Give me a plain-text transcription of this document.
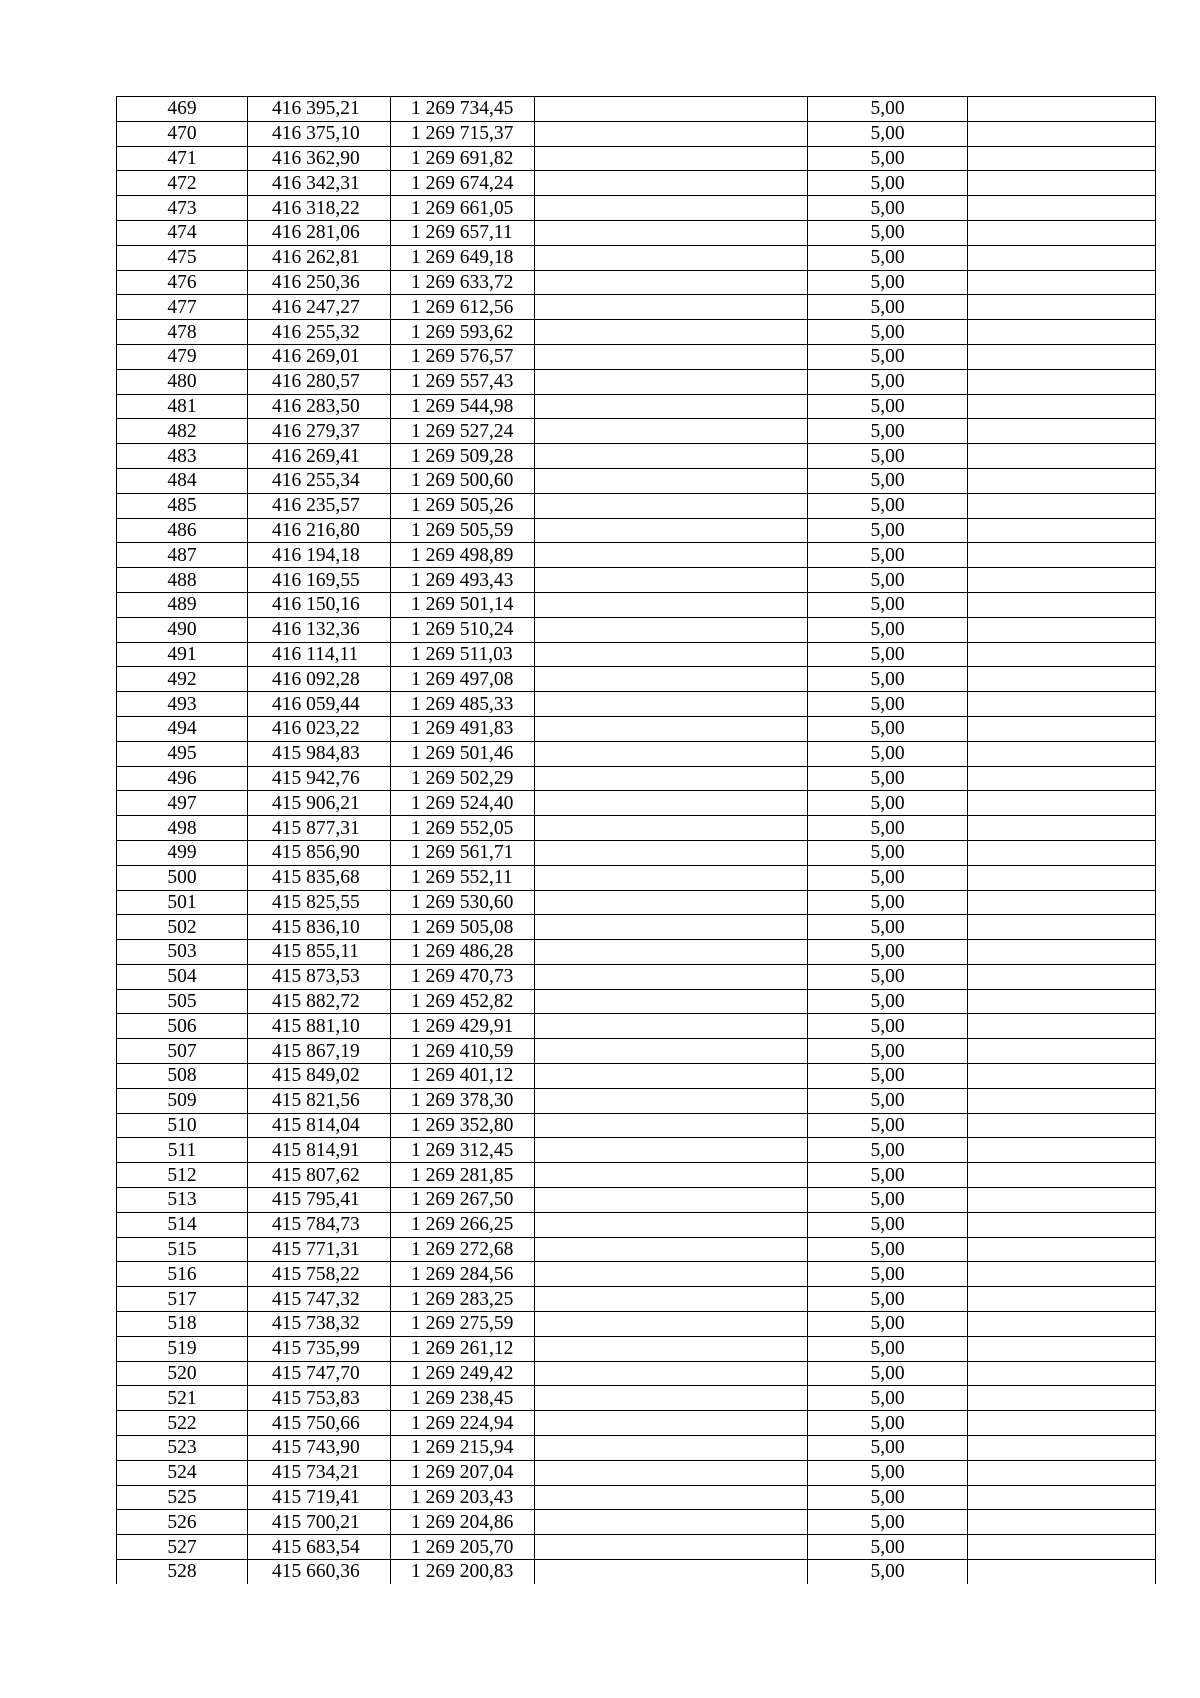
469	416 395,21	1 269 734,45		5,00	
470	416 375,10	1 269 715,37		5,00	
471	416 362,90	1 269 691,82		5,00	
472	416 342,31	1 269 674,24		5,00	
473	416 318,22	1 269 661,05		5,00	
474	416 281,06	1 269 657,11		5,00	
475	416 262,81	1 269 649,18		5,00	
476	416 250,36	1 269 633,72		5,00	
477	416 247,27	1 269 612,56		5,00	
478	416 255,32	1 269 593,62		5,00	
479	416 269,01	1 269 576,57		5,00	
480	416 280,57	1 269 557,43		5,00	
481	416 283,50	1 269 544,98		5,00	
482	416 279,37	1 269 527,24		5,00	
483	416 269,41	1 269 509,28		5,00	
484	416 255,34	1 269 500,60		5,00	
485	416 235,57	1 269 505,26		5,00	
486	416 216,80	1 269 505,59		5,00	
487	416 194,18	1 269 498,89		5,00	
488	416 169,55	1 269 493,43		5,00	
489	416 150,16	1 269 501,14		5,00	
490	416 132,36	1 269 510,24		5,00	
491	416 114,11	1 269 511,03		5,00	
492	416 092,28	1 269 497,08		5,00	
493	416 059,44	1 269 485,33		5,00	
494	416 023,22	1 269 491,83		5,00	
495	415 984,83	1 269 501,46		5,00	
496	415 942,76	1 269 502,29		5,00	
497	415 906,21	1 269 524,40		5,00	
498	415 877,31	1 269 552,05		5,00	
499	415 856,90	1 269 561,71		5,00	
500	415 835,68	1 269 552,11		5,00	
501	415 825,55	1 269 530,60		5,00	
502	415 836,10	1 269 505,08		5,00	
503	415 855,11	1 269 486,28		5,00	
504	415 873,53	1 269 470,73		5,00	
505	415 882,72	1 269 452,82		5,00	
506	415 881,10	1 269 429,91		5,00	
507	415 867,19	1 269 410,59		5,00	
508	415 849,02	1 269 401,12		5,00	
509	415 821,56	1 269 378,30		5,00	
510	415 814,04	1 269 352,80		5,00	
511	415 814,91	1 269 312,45		5,00	
512	415 807,62	1 269 281,85		5,00	
513	415 795,41	1 269 267,50		5,00	
514	415 784,73	1 269 266,25		5,00	
515	415 771,31	1 269 272,68		5,00	
516	415 758,22	1 269 284,56		5,00	
517	415 747,32	1 269 283,25		5,00	
518	415 738,32	1 269 275,59		5,00	
519	415 735,99	1 269 261,12		5,00	
520	415 747,70	1 269 249,42		5,00	
521	415 753,83	1 269 238,45		5,00	
522	415 750,66	1 269 224,94		5,00	
523	415 743,90	1 269 215,94		5,00	
524	415 734,21	1 269 207,04		5,00	
525	415 719,41	1 269 203,43		5,00	
526	415 700,21	1 269 204,86		5,00	
527	415 683,54	1 269 205,70		5,00	
528	415 660,36	1 269 200,83		5,00	
